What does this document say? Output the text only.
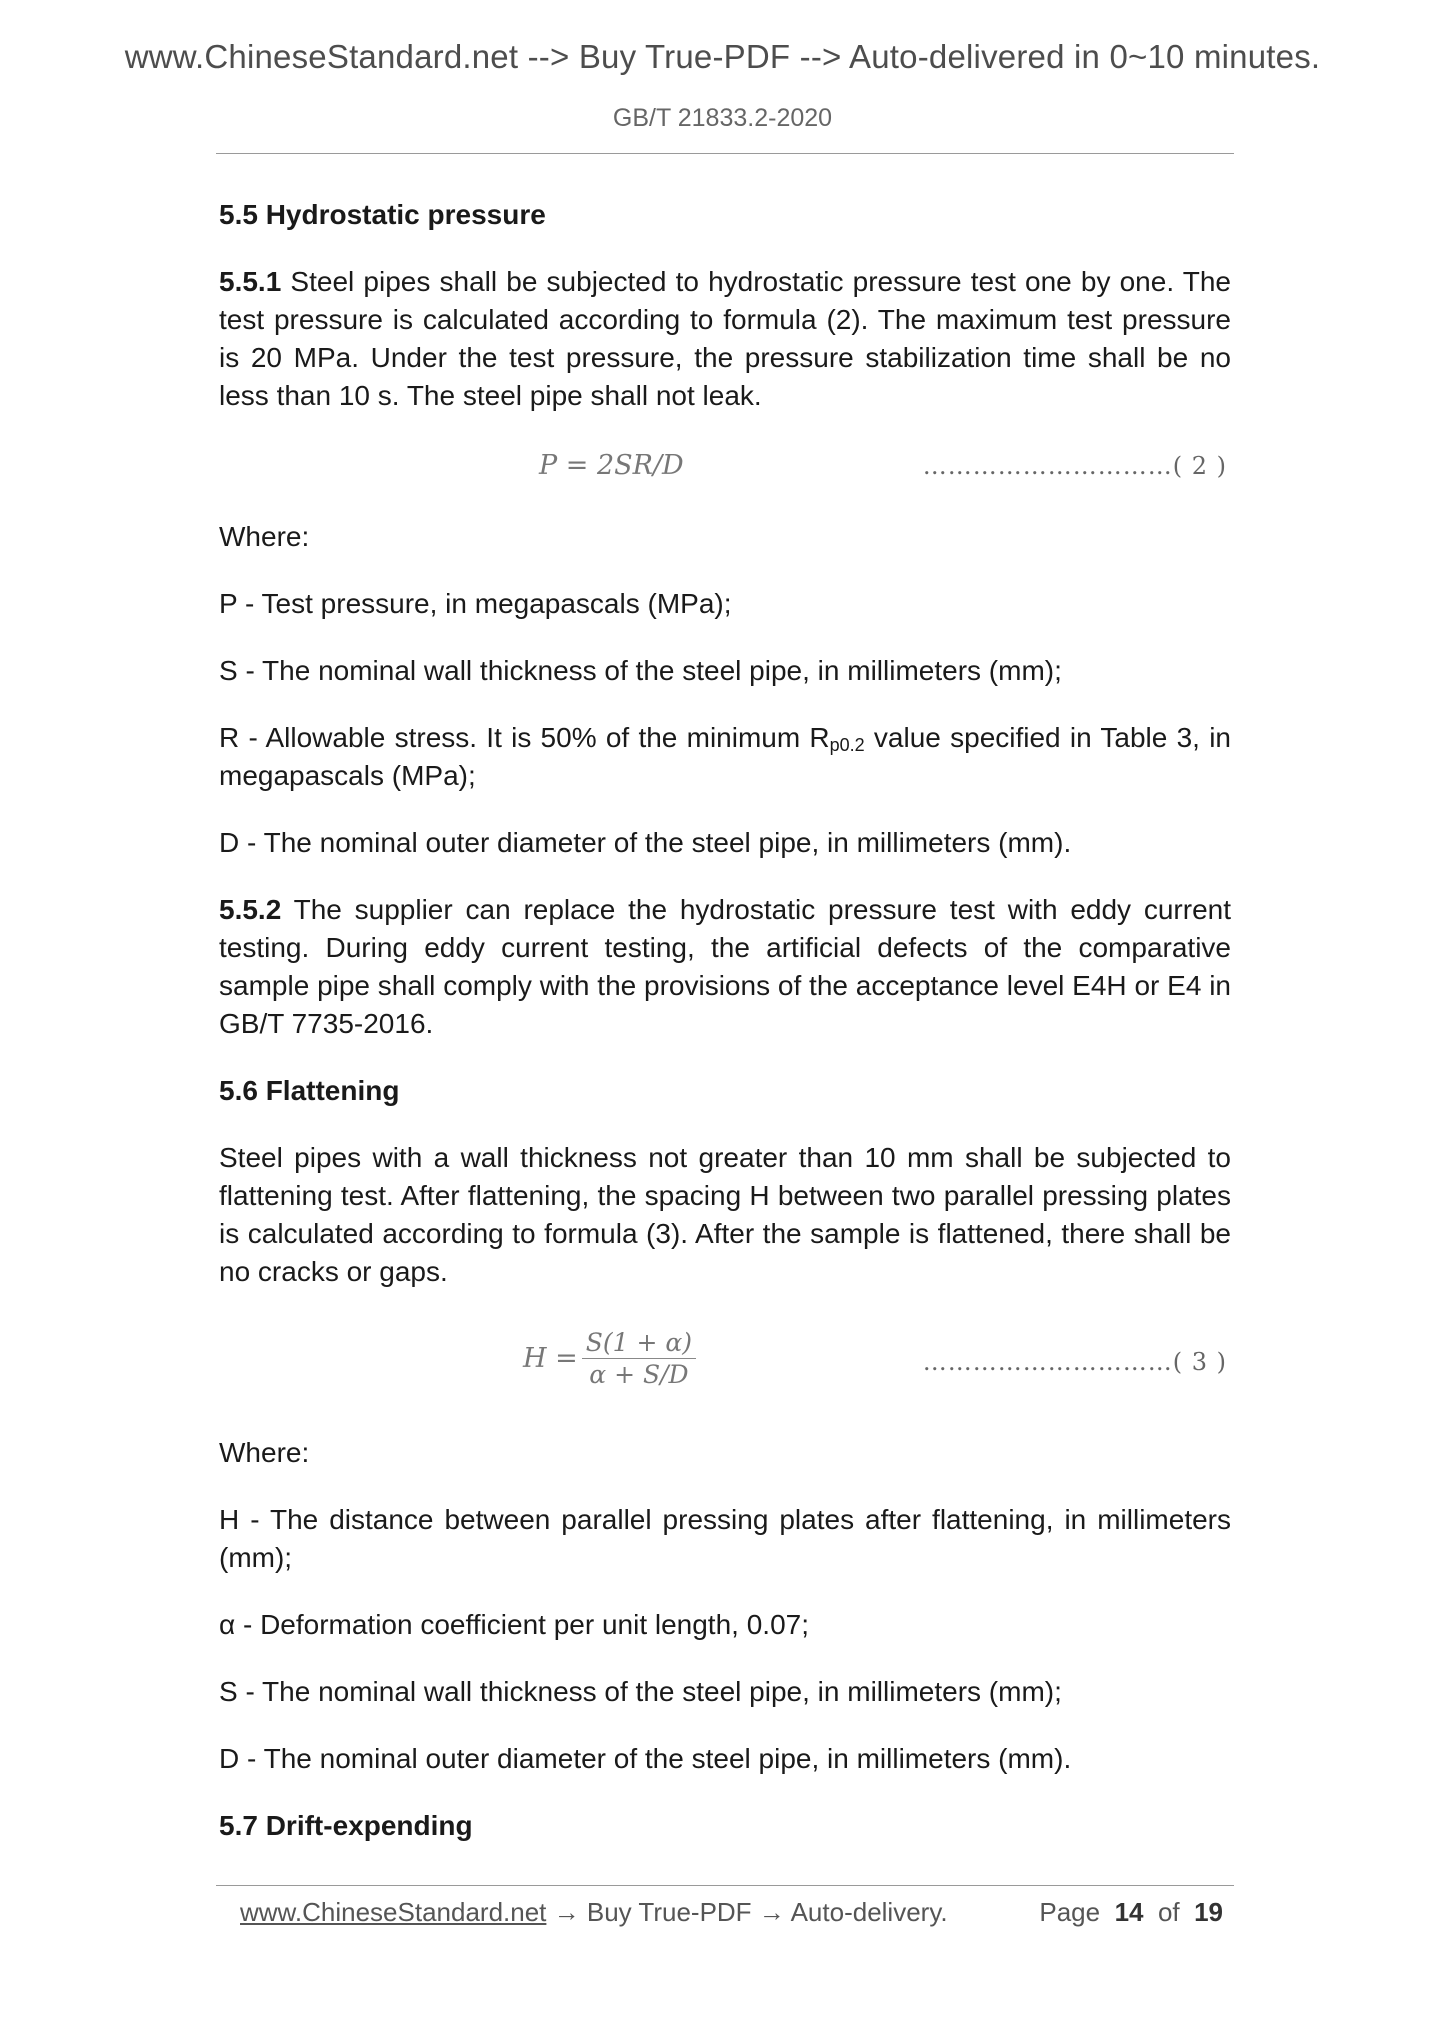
www.ChineseStandard.net --> Buy True-PDF --> Auto-delivered in 0~10 minutes.
GB/T 21833.2-2020
5.5 Hydrostatic pressure
5.5.1 Steel pipes shall be subjected to hydrostatic pressure test one by one. The test pressure is calculated according to formula (2). The maximum test pressure is 20 MPa. Under the test pressure, the pressure stabilization time shall be no less than 10 s. The steel pipe shall not leak.
P = 2SR/D	…………………………( 2 )
Where:
P - Test pressure, in megapascals (MPa);
S - The nominal wall thickness of the steel pipe, in millimeters (mm);
R - Allowable stress. It is 50% of the minimum $R_{p0.2}$ value specified in Table 3, in megapascals (MPa);
D - The nominal outer diameter of the steel pipe, in millimeters (mm).
5.5.2 The supplier can replace the hydrostatic pressure test with eddy current testing. During eddy current testing, the artificial defects of the comparative sample pipe shall comply with the provisions of the acceptance level E4H or E4 in GB/T 7735-2016.
5.6 Flattening
Steel pipes with a wall thickness not greater than 10 mm shall be subjected to flattening test. After flattening, the spacing H between two parallel pressing plates is calculated according to formula (3). After the sample is flattened, there shall be no cracks or gaps.
$H = \frac{S(1 + \alpha)}{\alpha + S/D}$	…………………………( 3 )
Where:
H - The distance between parallel pressing plates after flattening, in millimeters (mm);
α - Deformation coefficient per unit length, 0.07;
S - The nominal wall thickness of the steel pipe, in millimeters (mm);
D - The nominal outer diameter of the steel pipe, in millimeters (mm).
5.7 Drift-expending
www.ChineseStandard.net → Buy True-PDF → Auto-delivery.	Page 14 of 19
